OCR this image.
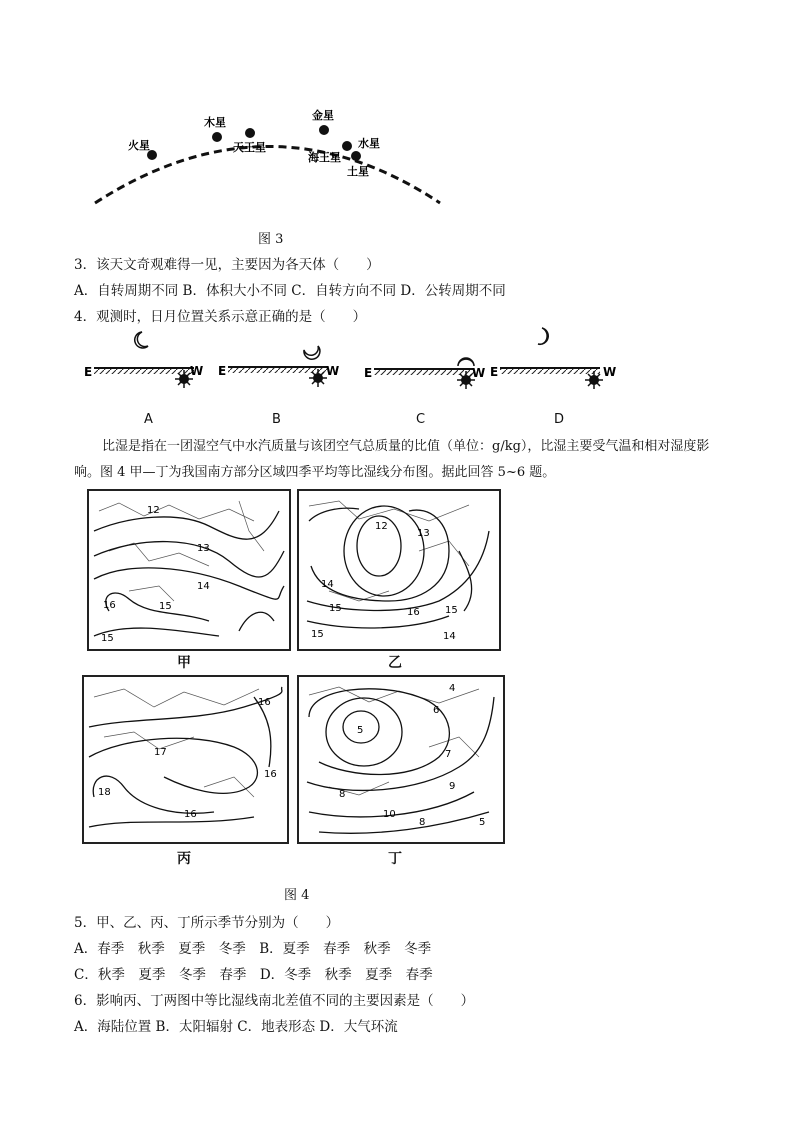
火星
木星
天王星
金星
水星
海王星
土星
图 3
3．该天文奇观难得一见，主要因为各天体（　　）
A．自转周期不同 B．体积大小不同 C．自转方向不同 D．公转周期不同
4．观测时，日月位置关系示意正确的是（　　）
E	W E	W E	W E	W
A	B	C	D
比湿是指在一团湿空气中水汽质量与该团空气总质量的比值（单位：g/kg），比湿主要受气温和相对湿度影响。图 4 甲—丁为我国南方部分区域四季平均等比湿线分布图。据此回答 5~6 题。
12
13
14
15
16
15
甲
12
13
14
15	16	15
15	14
乙
16
17
18
16
16
丙
4
5
6
7
8
9
10
8	5
丁
图 4
5．甲、乙、丙、丁所示季节分别为（　　）
A．春季　秋季　夏季　冬季　B．夏季　春季　秋季　冬季
C．秋季　夏季　冬季　春季　D．冬季　秋季　夏季　春季
6．影响丙、丁两图中等比湿线南北差值不同的主要因素是（　　）
A．海陆位置 B．太阳辐射 C．地表形态 D．大气环流
